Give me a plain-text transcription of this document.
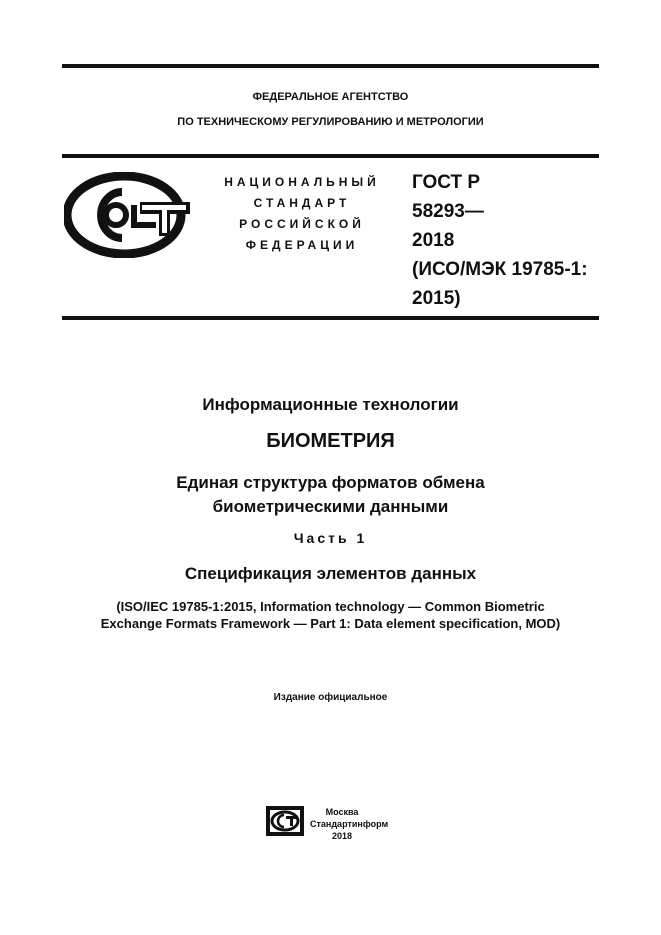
ФЕДЕРАЛЬНОЕ АГЕНТСТВО
ПО ТЕХНИЧЕСКОМУ РЕГУЛИРОВАНИЮ И МЕТРОЛОГИИ
НАЦИОНАЛЬНЫЙ
СТАНДАРТ
РОССИЙСКОЙ
ФЕДЕРАЦИИ
ГОСТ Р
58293—
2018
(ИСО/МЭК 19785-1:
2015)
Информационные технологии
БИОМЕТРИЯ
Единая структура форматов обмена
биометрическими данными
Часть 1
Спецификация элементов данных
(ISO/IEC 19785-1:2015, Information technology — Common Biometric
Exchange Formats Framework — Part 1: Data element specification, MOD)
Издание официальное
Москва
Стандартинформ
2018
